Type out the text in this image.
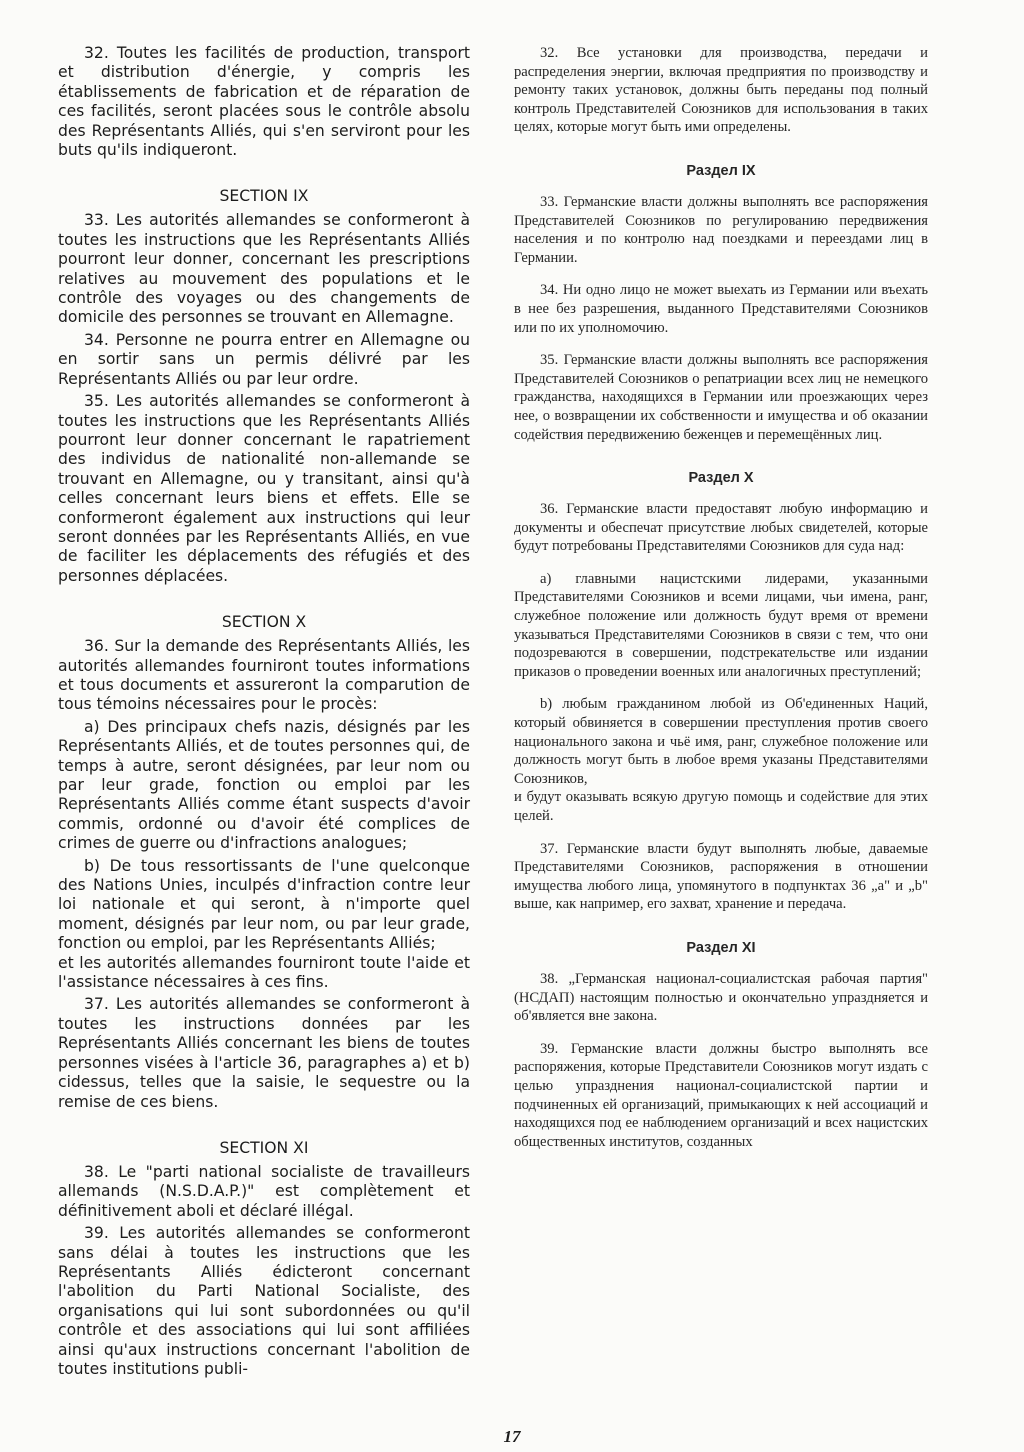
32. Toutes les facilités de production, transport et distribution d'énergie, y compris les établissements de fabrication et de réparation de ces facilités, seront placées sous le contrôle absolu des Représentants Alliés, qui s'en serviront pour les buts qu'ils indiqueront.

SECTION IX

33. Les autorités allemandes se conformeront à toutes les instructions que les Représentants Alliés pourront leur donner, concernant les prescriptions relatives au mouvement des populations et le contrôle des voyages ou des changements de domicile des personnes se trouvant en Allemagne.

34. Personne ne pourra entrer en Allemagne ou en sortir sans un permis délivré par les Représentants Alliés ou par leur ordre.

35. Les autorités allemandes se conformeront à toutes les instructions que les Représentants Alliés pourront leur donner concernant le rapatriement des individus de nationalité non-allemande se trouvant en Allemagne, ou y transitant, ainsi qu'à celles concernant leurs biens et effets. Elle se conformeront également aux instructions qui leur seront données par les Représentants Alliés, en vue de faciliter les déplacements des réfugiés et des personnes déplacées.

SECTION X

36. Sur la demande des Représentants Alliés, les autorités allemandes fourniront toutes informations et tous documents et assureront la comparution de tous témoins nécessaires pour le procès:

a) Des principaux chefs nazis, désignés par les Représentants Alliés, et de toutes personnes qui, de temps à autre, seront désignées, par leur nom ou par leur grade, fonction ou emploi par les Représentants Alliés comme étant suspects d'avoir commis, ordonné ou d'avoir été complices de crimes de guerre ou d'infractions analogues;

b) De tous ressortissants de l'une quelconque des Nations Unies, inculpés d'infraction contre leur loi nationale et qui seront, à n'importe quel moment, désignés par leur nom, ou par leur grade, fonction ou emploi, par les Représentants Alliés;

et les autorités allemandes fourniront toute l'aide et l'assistance nécessaires à ces fins.

37. Les autorités allemandes se conformeront à toutes les instructions données par les Représentants Alliés concernant les biens de toutes personnes visées à l'article 36, paragraphes a) et b) cidessus, telles que la saisie, le sequestre ou la remise de ces biens.

SECTION XI

38. Le "parti national socialiste de travailleurs allemands (N.S.D.A.P.)" est complètement et définitivement aboli et déclaré illégal.

39. Les autorités allemandes se conformeront sans délai à toutes les instructions que les Représentants Alliés édicteront concernant l'abolition du Parti National Socialiste, des organisations qui lui sont subordonnées ou qu'il contrôle et des associations qui lui sont affiliées ainsi qu'aux instructions concernant l'abolition de toutes institutions publi-

32. Все установки для производства, передачи и распределения энергии, включая предприятия по производству и ремонту таких установок, должны быть переданы под полный контроль Представителей Союзников для использования в таких целях, которые могут быть ими определены.

Раздел IX

33. Германские власти должны выполнять все распоряжения Представителей Союзников по регулированию передвижения населения и по контролю над поездками и переездами лиц в Германии.

34. Ни одно лицо не может выехать из Германии или въехать в нее без разрешения, выданного Представителями Союзников или по их уполномочию.

35. Германские власти должны выполнять все распоряжения Представителей Союзников о репатриации всех лиц не немецкого гражданства, находящихся в Германии или проезжающих через нее, о возвращении их собственности и имущества и об оказании содействия передвижению беженцев и перемещённых лиц.

Раздел X

36. Германские власти предоставят любую информацию и документы и обеспечат присутствие любых свидетелей, которые будут потребованы Представителями Союзников для суда над:

а) главными нацистскими лидерами, указанными Представителями Союзников и всеми лицами, чьи имена, ранг, служебное положение или должность будут время от времени указываться Представителями Союзников в связи с тем, что они подозреваются в совершении, подстрекательстве или издании приказов о проведении военных или аналогичных преступлений;

b) любым гражданином любой из Об'единенных Наций, который обвиняется в совершении преступления против своего национального закона и чьё имя, ранг, служебное положение или должность могут быть в любое время указаны Представителями Союзников,

и будут оказывать всякую другую помощь и содействие для этих целей.

37. Германские власти будут выполнять любые, даваемые Представителями Союзников, распоряжения в отношении имущества любого лица, упомянутого в подпунктах 36 „a" и „b" выше, как например, его захват, хранение и передача.

Раздел XI

38. „Германская национал-социалистская рабочая партия" (НСДАП) настоящим полностью и окончательно упраздняется и об'является вне закона.

39. Германские власти должны быстро выполнять все распоряжения, которые Представители Союзников могут издать с целью упразднения национал-социалистской партии и подчиненных ей организаций, примыкающих к ней ассоциаций и находящихся под ее наблюдением организаций и всех нацистских общественных институтов, созданных

17
